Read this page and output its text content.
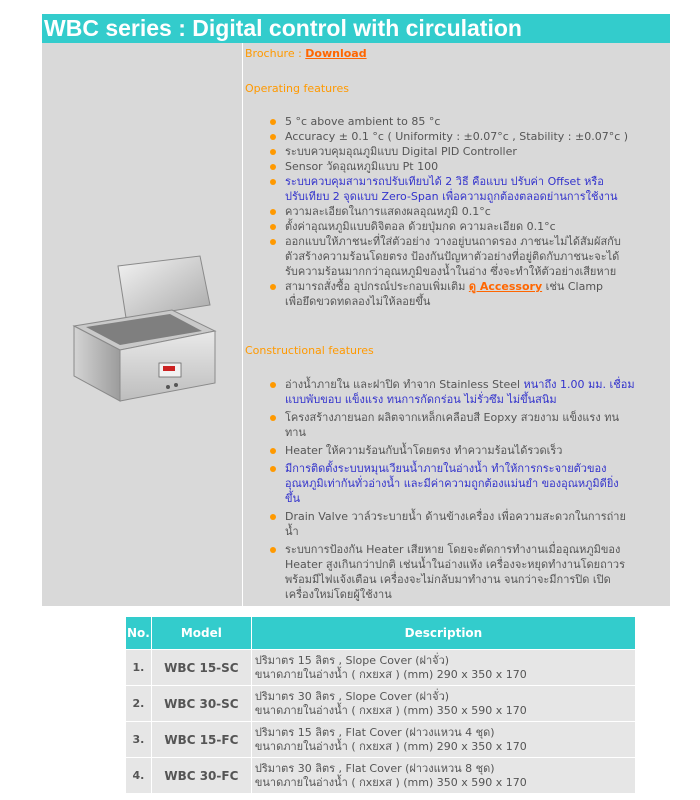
WBC series : Digital control with circulation
Brochure : Download
Operating features
5 °c above ambient to 85 °c
Accuracy ± 0.1 °c ( Uniformity : ±0.07°c , Stability : ±0.07°c )
ระบบควบคุมอุณภูมิแบบ Digital PID Controller
Sensor วัดอุณหภูมิแบบ Pt 100
ระบบควบคุมสามารถปรับเทียบได้ 2 วิธี คือแบบ ปรับค่า Offset หรือ
ปรับเทียบ 2 จุดแบบ Zero-Span เพื่อความถูกต้องตลอดย่านการใช้งาน
ความละเอียดในการแสดงผลอุณหภูมิ 0.1°c
ตั้งค่าอุณหภูมิแบบดิจิตอล ด้วยปุ่มกด ความละเอียด 0.1°c
ออกแบบให้ภาชนะที่ใส่ตัวอย่าง วางอยู่บนถาดรอง ภาชนะไม่ได้สัมผัสกับ
ตัวสร้างความร้อนโดยตรง ป้องกันปัญหาตัวอย่างที่อยู่ติดกับภาชนะจะได้
รับความร้อนมากกว่าอุณหภูมิของน้ำในอ่าง ซึ่งจะทำให้ตัวอย่างเสียหาย
สามารถสั่งซื้อ อุปกรณ์ประกอบเพิ่มเติม ดู Accessory เช่น Clamp
เพื่อยึดขวดทดลองไม่ให้ลอยขึ้น
Constructional features
อ่างน้ำภายใน และฝาปิด ทำจาก Stainless Steel หนาถึง 1.00 มม. เชื่อม
แบบพับขอบ แข็งแรง ทนการกัดกร่อน ไม่รั่วซึม ไม่ขึ้นสนิม
โครงสร้างภายนอก ผลิตจากเหล็กเคลือบสี Eopxy สวยงาม แข็งแรง ทน
ทาน
Heater ให้ความร้อนกับน้ำโดยตรง ทำความร้อนได้รวดเร็ว
มีการติดตั้งระบบหมุนเวียนน้ำภายในอ่างน้ำ ทำให้การกระจายตัวของ
อุณหภูมิเท่ากันทั่วอ่างน้ำ และมีค่าความถูกต้องแม่นยำ ของอุณหภูมิดียิ่ง
ขึ้น
Drain Valve วาล์วระบายน้ำ ด้านข้างเครื่อง เพื่อความสะดวกในการถ่าย
น้ำ
ระบบการป้องกัน Heater เสียหาย โดยจะตัดการทำงานเมื่ออุณหภูมิของ
Heater สูงเกินกว่าปกติ เช่นน้ำในอ่างแห้ง เครื่องจะหยุดทำงานโดยถาวร
พร้อมมีไฟแจ้งเตือน เครื่องจะไม่กลับมาทำงาน จนกว่าจะมีการปิด เปิด
เครื่องใหม่โดยผู้ใช้งาน
No.	Model	Description
1.	WBC 15-SC	ปริมาตร 15 ลิตร , Slope Cover (ฝาจั่ว)
ขนาดภายในอ่างน้ำ ( กxยxส ) (mm) 290 x 350 x 170

2.	WBC 30-SC	ปริมาตร 30 ลิตร , Slope Cover (ฝาจั่ว)
ขนาดภายในอ่างน้ำ ( กxยxส ) (mm) 350 x 590 x 170

3.	WBC 15-FC	ปริมาตร 15 ลิตร , Flat Cover (ฝาวงแหวน 4 ชุด)
ขนาดภายในอ่างน้ำ ( กxยxส ) (mm) 290 x 350 x 170

4.	WBC 30-FC	ปริมาตร 30 ลิตร , Flat Cover (ฝาวงแหวน 8 ชุด)
ขนาดภายในอ่างน้ำ ( กxยxส ) (mm) 350 x 590 x 170
